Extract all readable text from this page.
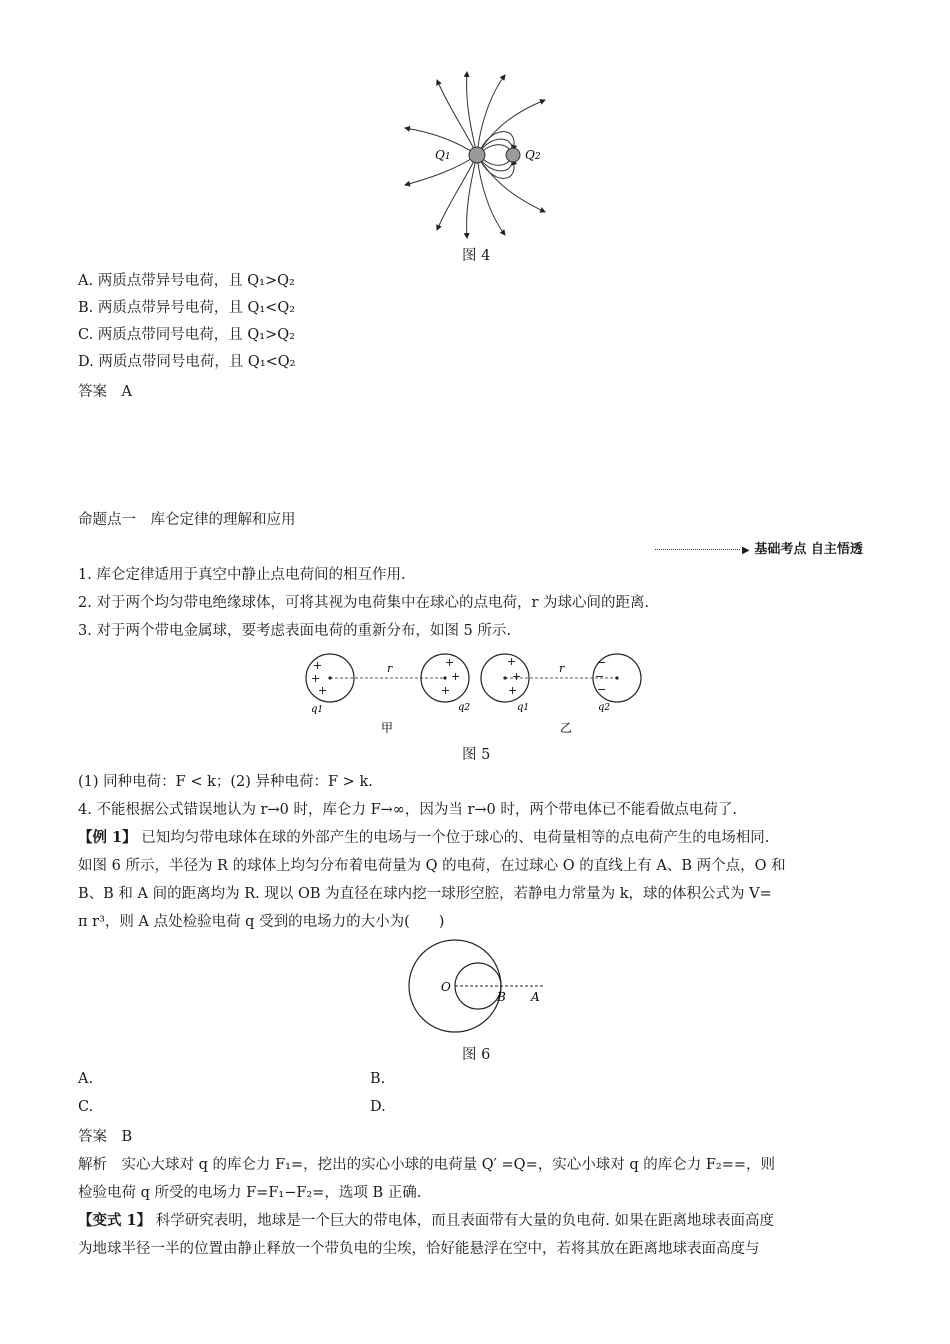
Q1	Q2
图 4
A. 两质点带异号电荷，且 Q₁>Q₂
B. 两质点带异号电荷，且 Q₁<Q₂
C. 两质点带同号电荷，且 Q₁>Q₂
D. 两质点带同号电荷，且 Q₁<Q₂
答案　A
命题点一　库仑定律的理解和应用
▶ 基础考点 自主悟透
1. 库仑定律适用于真空中静止点电荷间的相互作用.
2. 对于两个均匀带电绝缘球体，可将其视为电荷集中在球心的点电荷，r 为球心间的距离.
3. 对于两个带电金属球，要考虑表面电荷的重新分布，如图 5 所示.
+
+
+
+
+
+
+
+
+
−
−
−
r	r
q1	q2	q1	q2
甲	乙
图 5
(1) 同种电荷：F < k；(2) 异种电荷：F > k.
4. 不能根据公式错误地认为 r→0 时，库仑力 F→∞，因为当 r→0 时，两个带电体已不能看做点电荷了.
【例 1】 已知均匀带电球体在球的外部产生的电场与一个位于球心的、电荷量相等的点电荷产生的电场相同.
如图 6 所示，半径为 R 的球体上均匀分布着电荷量为 Q 的电荷，在过球心 O 的直线上有 A、B 两个点，O 和
B、B 和 A 间的距离均为 R. 现以 OB 为直径在球内挖一球形空腔，若静电力常量为 k，球的体积公式为 V=
π r³，则 A 点处检验电荷 q 受到的电场力的大小为(　　)
O
B A
图 6
A.	B.
C.	D.
答案　B
解析　实心大球对 q 的库仑力 F₁=，挖出的实心小球的电荷量 Q′ =Q=，实心小球对 q 的库仑力 F₂==，则
检验电荷 q 所受的电场力 F=F₁−F₂=，选项 B 正确.
【变式 1】 科学研究表明，地球是一个巨大的带电体，而且表面带有大量的负电荷. 如果在距离地球表面高度
为地球半径一半的位置由静止释放一个带负电的尘埃，恰好能悬浮在空中，若将其放在距离地球表面高度与
